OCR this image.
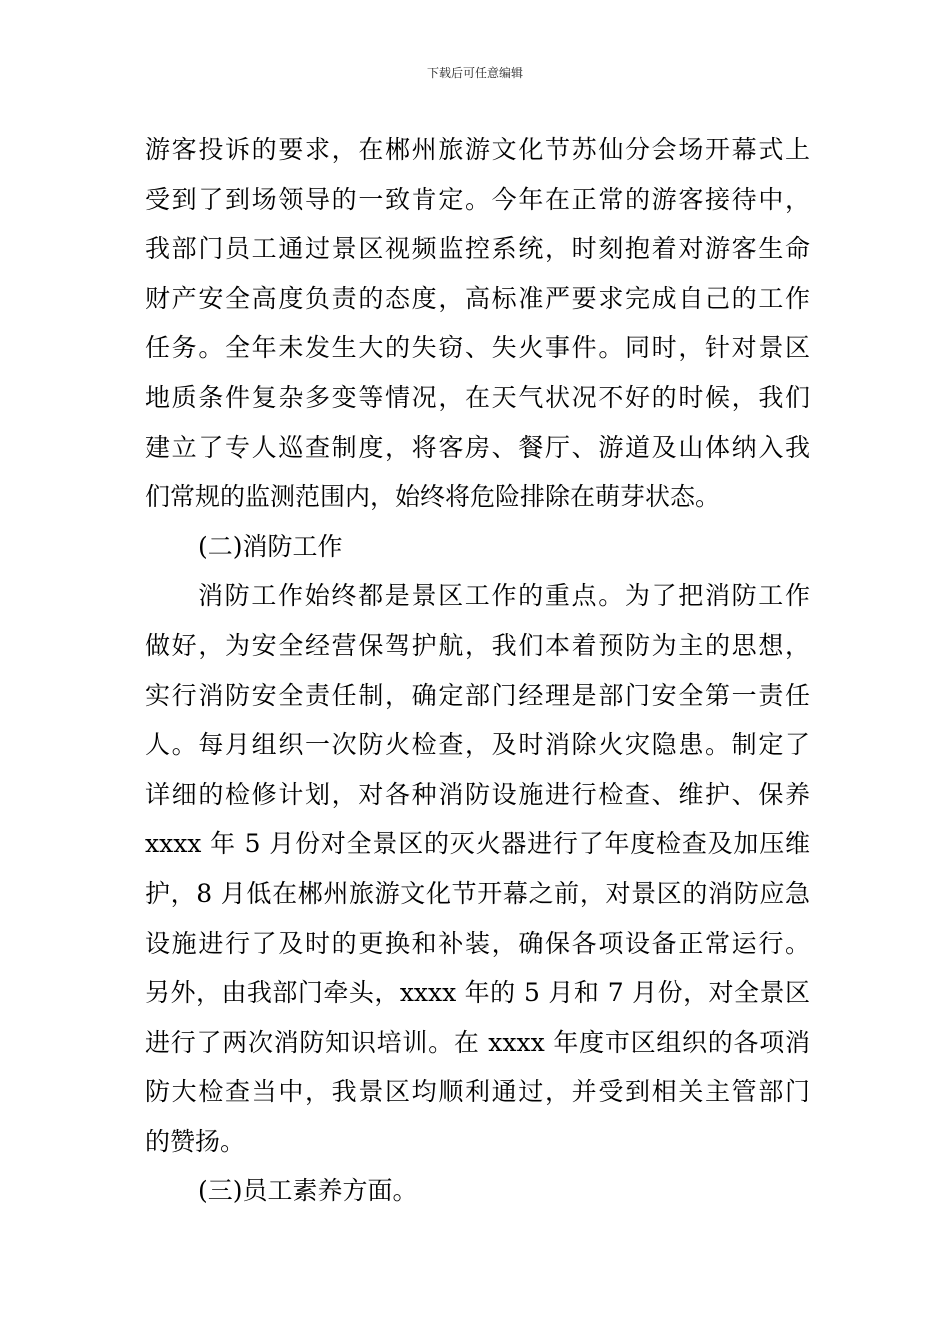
下载后可任意编辑
游客投诉的要求，在郴州旅游文化节苏仙分会场开幕式上
受到了到场领导的一致肯定。今年在正常的游客接待中，
我部门员工通过景区视频监控系统，时刻抱着对游客生命
财产安全高度负责的态度，高标准严要求完成自己的工作
任务。全年未发生大的失窃、失火事件。同时，针对景区
地质条件复杂多变等情况，在天气状况不好的时候，我们
建立了专人巡查制度，将客房、餐厅、游道及山体纳入我
们常规的监测范围内，始终将危险排除在萌芽状态。
(二)消防工作
消防工作始终都是景区工作的重点。为了把消防工作
做好，为安全经营保驾护航，我们本着预防为主的思想，
实行消防安全责任制，确定部门经理是部门安全第一责任
人。每月组织一次防火检查，及时消除火灾隐患。制定了
详细的检修计划，对各种消防设施进行检查、维护、保养
xxxx 年 5 月份对全景区的灭火器进行了年度检查及加压维
护，8 月低在郴州旅游文化节开幕之前，对景区的消防应急
设施进行了及时的更换和补装，确保各项设备正常运行。
另外，由我部门牵头，xxxx 年的 5 月和 7 月份，对全景区
进行了两次消防知识培训。在 xxxx 年度市区组织的各项消
防大检查当中，我景区均顺利通过，并受到相关主管部门
的赞扬。
(三)员工素养方面。
